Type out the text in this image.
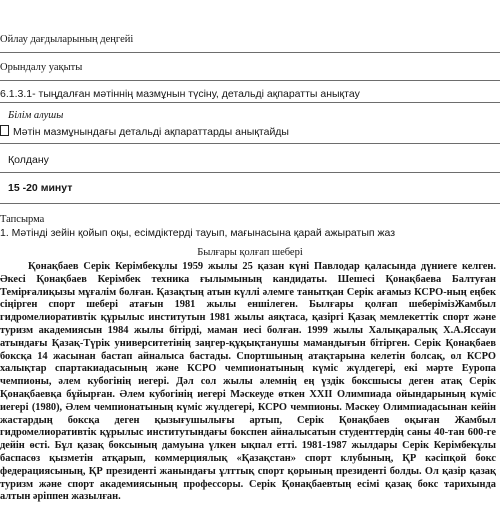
Ойлау дағдыларының деңгейі
Орындалу уақыты
6.1.3.1- тыңдалған мәтіннің мазмұнын түсіну, детальді ақпаратты анықтау
Білім алушы
Мәтін мазмұнындағы детальді ақпараттарды анықтайды
Қолдану
15 -20 минут
Тапсырма
1. Мәтінді зейін қойып оқы, есімдіктерді тауып, мағынасына қарай ажыратып жаз
Былғары қолғап шебері
Қонақбаев Серік Керімбекұлы 1959 жылы 25 қазан күні Павлодар қаласында дүниеге келген. Әкесі Қонақбаев Керімбек техника ғылымының кандидаты. Шешесі Қонақбаева Балтуған Темірғалиқызы мұғалім болған. Қазақтың атын күллі әлемге танытқан Серік ағамыз КСРО-ның еңбек сіңірген спорт шебері атағын 1981 жылы еншілеген. Былғары қолғап шеберімізЖамбыл гидромелиоративтік құрылыс институтын 1981 жылы аяқтаса, қазіргі Қазақ мемлекеттік спорт және туризм академиясын 1984 жылы бітірді, маман иесі болған. 1999 жылы Халықаралық Х.А.Яссауи атындағы Қазақ-Түрік университетінің заңгер-құқықтанушы мамандығын бітірген. Серік Қонақбаев боксқа 14 жасынан бастап айналыса бастады. Спортшының атақтарына келетін болсақ, ол КСРО халықтар спартакиадасының және КСРО чемпионатының күміс жүлдегері, екі мәрте Еуропа чемпионы, әлем кубогінің иегері. Дәл сол жылы әлемнің ең үздік боксшысы деген атақ Серік Қонақбаевқа бұйырған. Әлем кубогінің иегері Мәскеуде өткен XXII Олимпиада ойындарының күміс иегері (1980), Әлем чемпионатының күміс жүлдегері, КСРО чемпионы. Мәскеу Олимпиадасынан кейін жастардың боксқа деген қызығушылығы артып, Серік Қонақбаев оқыған Жамбыл гидромелиоративтік құрылыс институтындағы бокспен айналысатын студенттердің саны 40-тан 600-ге дейін өсті. Бұл қазақ боксының дамуына үлкен ықпал етті. 1981-1987 жылдары Серік Керімбекұлы баспасөз қызметін атқарып, коммерциялық «Қазақстан» спорт клубының, ҚР кәсіпқой бокс федерациясының, ҚР президенті жанындағы ұлттық спорт қорының президенті болды. Ол қазір қазақ туризм және спорт академиясының профессоры. Серік Қонақбаевтың есімі қазақ бокс тарихында алтын әріппен жазылған.
